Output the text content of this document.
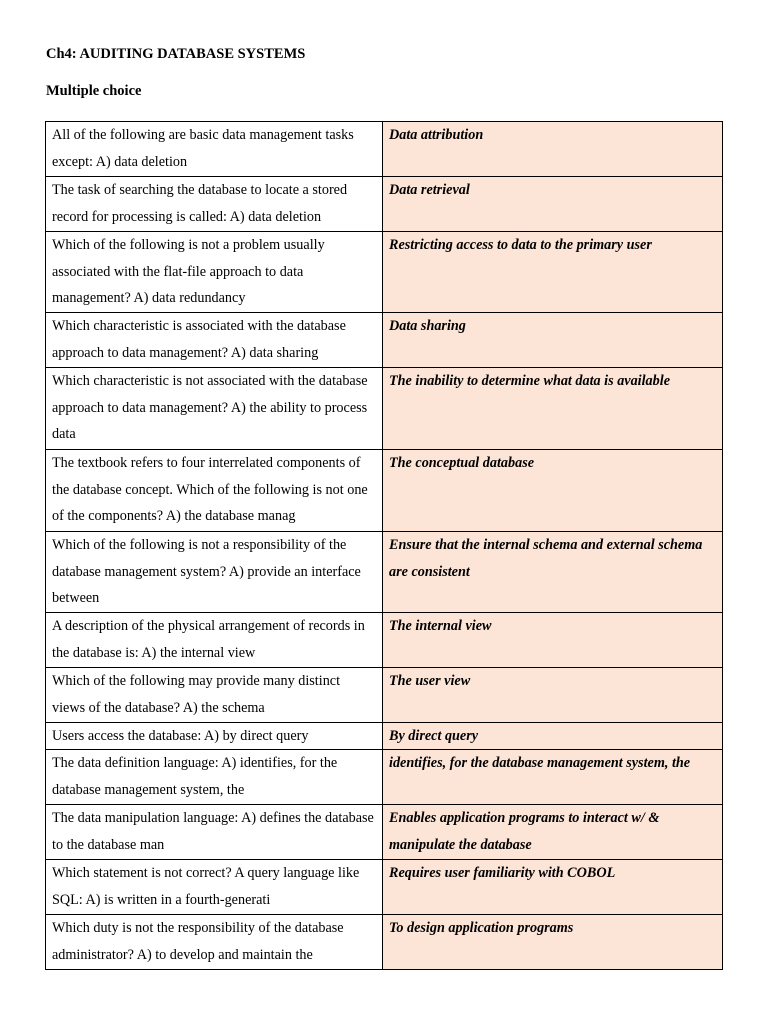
Ch4: AUDITING DATABASE SYSTEMS
Multiple choice
All of the following are basic data management tasks except: A) data deletion
Data attribution
The task of searching the database to locate a stored record for processing is called: A) data deletion
Data retrieval
Which of the following is not a problem usually associated with the flat-file approach to data management? A) data redundancy
Restricting access to data to the primary user
Which characteristic is associated with the database approach to data management? A) data sharing
Data sharing
Which characteristic is not associated with the database approach to data management? A) the ability to process data
The inability to determine what data is available
The textbook refers to four interrelated components of the database concept. Which of the following is not one of the components? A) the database manag
The conceptual database
Which of the following is not a responsibility of the database management system? A) provide an interface between
Ensure that the internal schema and external schema are consistent
A description of the physical arrangement of records in the database is: A) the internal view
The internal view
Which of the following may provide many distinct views of the database? A) the schema
The user view
Users access the database: A) by direct query	By direct query
The data definition language: A) identifies, for the database management system, the
identifies, for the database management system, the
The data manipulation language: A) defines the database to the database man
Enables application programs to interact w/ & manipulate the database
Which statement is not correct? A query language like SQL: A) is written in a fourth-generati
Requires user familiarity with COBOL
Which duty is not the responsibility of the database administrator? A) to develop and maintain the
To design application programs
